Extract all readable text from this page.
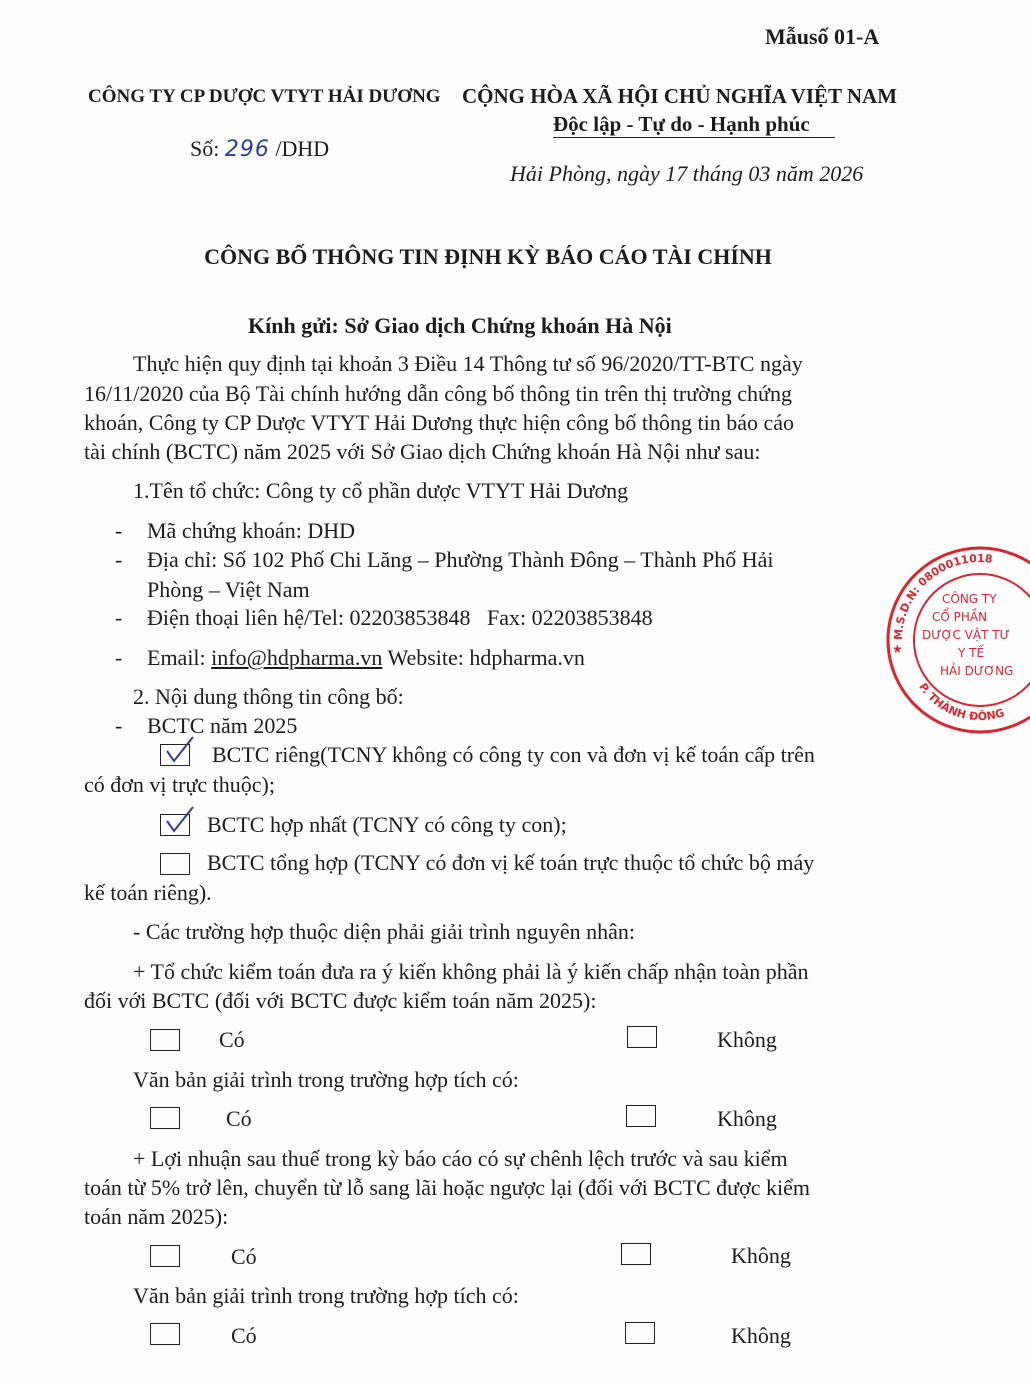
Mẫusố 01-A
CÔNG TY CP DƯỢC VTYT HẢI DƯƠNG
Số: 296 /DHD
CỘNG HÒA XÃ HỘI CHỦ NGHĨA VIỆT NAM
Độc lập - Tự do - Hạnh phúc
Hải Phòng, ngày 17 tháng 03 năm 2026
CÔNG BỐ THÔNG TIN ĐỊNH KỲ BÁO CÁO TÀI CHÍNH
Kính gửi: Sở Giao dịch Chứng khoán Hà Nội
Thực hiện quy định tại khoản 3 Điều 14 Thông tư số 96/2020/TT-BTC ngày
16/11/2020 của Bộ Tài chính hướng dẫn công bố thông tin trên thị trường chứng
khoán, Công ty CP Dược VTYT Hải Dương thực hiện công bố thông tin báo cáo
tài chính (BCTC) năm 2025 với Sở Giao dịch Chứng khoán Hà Nội như sau:
1.Tên tổ chức: Công ty cổ phần dược VTYT Hải Dương
- Mã chứng khoán: DHD
- Địa chỉ: Số 102 Phố Chi Lăng – Phường Thành Đông – Thành Phố Hải
Phòng – Việt Nam
- Điện thoại liên hệ/Tel: 02203853848   Fax: 02203853848
- Email: info@hdpharma.vn Website: hdpharma.vn
2. Nội dung thông tin công bố:
- BCTC năm 2025
BCTC riêng(TCNY không có công ty con và đơn vị kế toán cấp trên
có đơn vị trực thuộc);
BCTC hợp nhất (TCNY có công ty con);
BCTC tổng hợp (TCNY có đơn vị kế toán trực thuộc tổ chức bộ máy
kế toán riêng).
- Các trường hợp thuộc diện phải giải trình nguyên nhân:
+ Tổ chức kiểm toán đưa ra ý kiến không phải là ý kiến chấp nhận toàn phần
đối với BCTC (đối với BCTC được kiểm toán năm 2025):
Có	Không
Văn bản giải trình trong trường hợp tích có:
Có	Không
+ Lợi nhuận sau thuế trong kỳ báo cáo có sự chênh lệch trước và sau kiểm
toán từ 5% trở lên, chuyển từ lỗ sang lãi hoặc ngược lại (đối với BCTC được kiểm
toán năm 2025):
Có	Không
Văn bản giải trình trong trường hợp tích có:
Có	Không
M.S.D.N: 0800011018
P. THÀNH ĐÔNG
CÔNG TY
CỔ PHẦN
DƯỢC VẬT TƯ
Y TẾ
HẢI DƯƠNG
★
